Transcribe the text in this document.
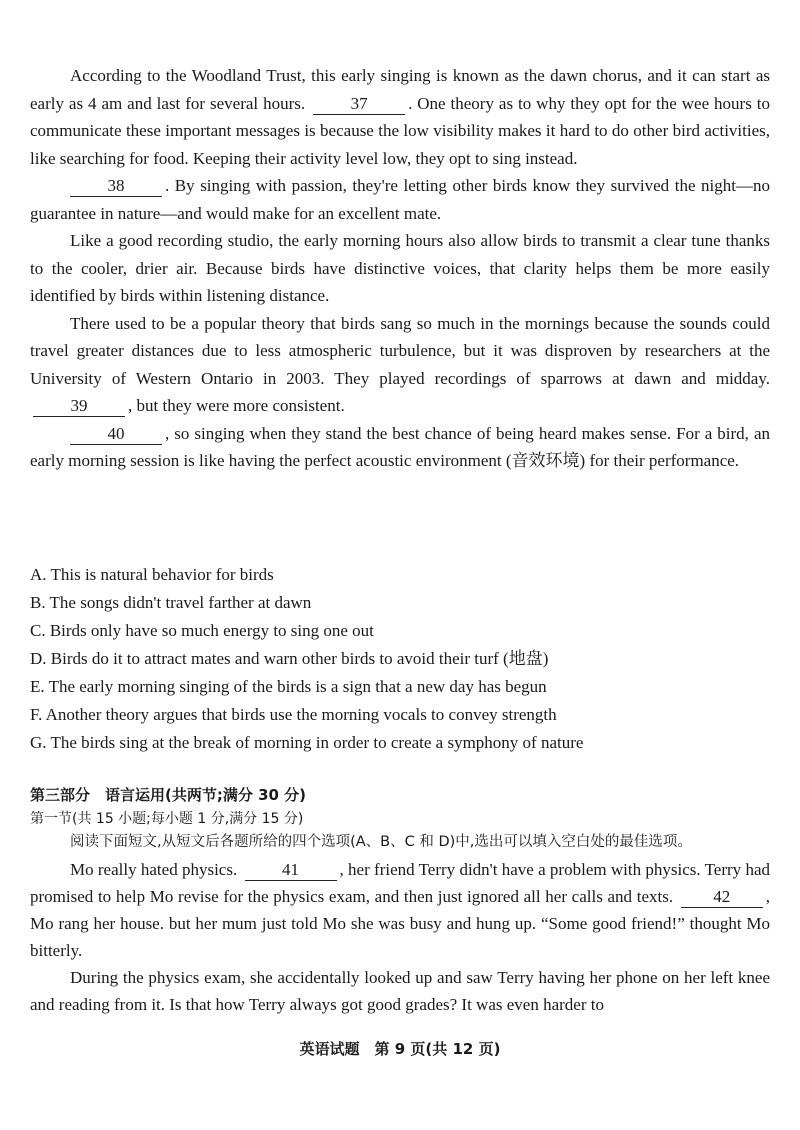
According to the Woodland Trust, this early singing is known as the dawn chorus, and it can start as early as 4 am and last for several hours.	37 . One theory as to why they opt for the wee hours to communicate these important messages is because the low visibility makes it hard to do other bird activities, like searching for food. Keeping their activity level low, they opt to sing instead.

38 . By singing with passion, they're letting other birds know they survived the night—no guarantee in nature—and would make for an excellent mate.

Like a good recording studio, the early morning hours also allow birds to transmit a clear tune thanks to the cooler, drier air. Because birds have distinctive voices, that clarity helps them be more easily identified by birds within listening distance.

There used to be a popular theory that birds sang so much in the mornings because the sounds could travel greater distances due to less atmospheric turbulence, but it was disproven by researchers at the University of Western Ontario in 2003. They played recordings of sparrows at dawn and midday. 39 , but they were more consistent.

40 , so singing when they stand the best chance of being heard makes sense. For a bird, an early morning session is like having the perfect acoustic environment (音效环境) for their performance.

A. This is natural behavior for birds

B. The songs didn't travel farther at dawn

C. Birds only have so much energy to sing one out

D. Birds do it to attract mates and warn other birds to avoid their turf (地盘)

E. The early morning singing of the birds is a sign that a new day has begun

F. Another theory argues that birds use the morning vocals to convey strength

G. The birds sing at the break of morning in order to create a symphony of nature

第三部分　语言运用(共两节;满分 30 分)
第一节(共 15 小题;每小题 1 分,满分 15 分)

阅读下面短文,从短文后各题所给的四个选项(A、B、C 和 D)中,选出可以填入空白处的最佳选项。

Mo really hated physics.	41 , her friend Terry didn't have a problem with physics. Terry had promised to help Mo revise for the physics exam, and then just ignored all her calls and texts. 42 , Mo rang her house. but her mum just told Mo she was busy and hung up. “Some good friend!” thought Mo bitterly.

During the physics exam, she accidentally looked up and saw Terry having her phone on her left knee and reading from it. Is that how Terry always got good grades? It was even harder to

英语试题　第 9 页(共 12 页)
